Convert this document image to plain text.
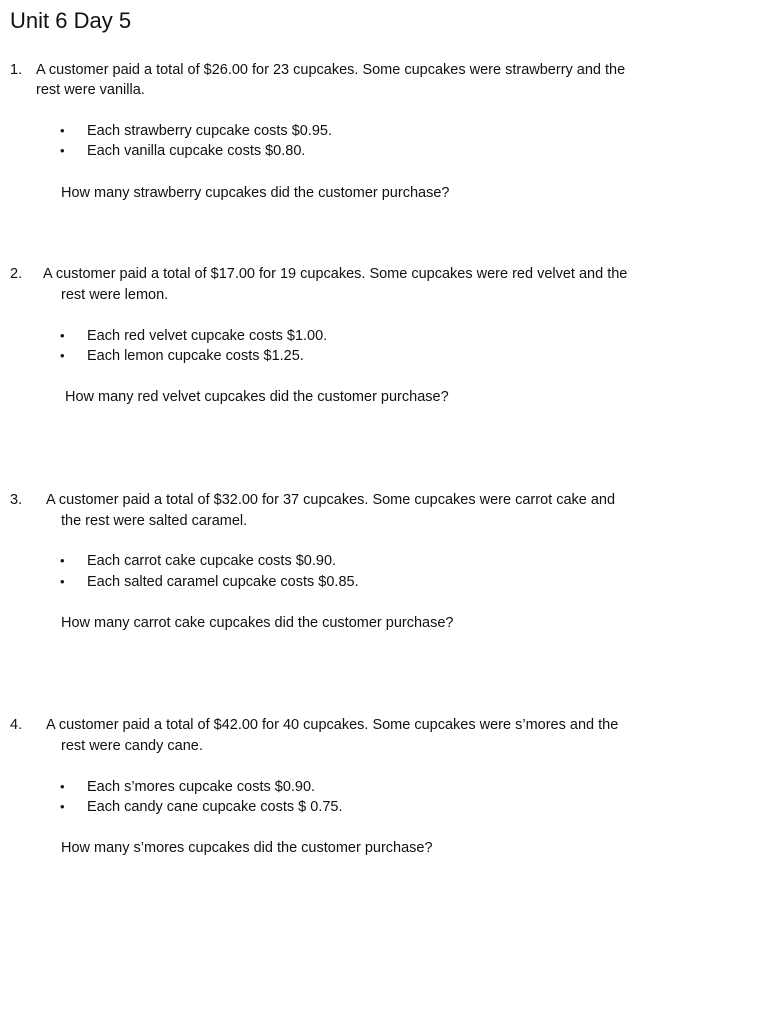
Unit 6 Day 5
1. A customer paid a total of $26.00 for 23 cupcakes. Some cupcakes were strawberry and the
rest were vanilla.
• Each strawberry cupcake costs $0.95.
• Each vanilla cupcake costs $0.80.
How many strawberry cupcakes did the customer purchase?
2. A customer paid a total of $17.00 for 19 cupcakes. Some cupcakes were red velvet and the
rest were lemon.
• Each red velvet cupcake costs $1.00.
• Each lemon cupcake costs $1.25.
How many red velvet cupcakes did the customer purchase?
3. A customer paid a total of $32.00 for 37 cupcakes. Some cupcakes were carrot cake and
the rest were salted caramel.
• Each carrot cake cupcake costs $0.90.
• Each salted caramel cupcake costs $0.85.
How many carrot cake cupcakes did the customer purchase?
4. A customer paid a total of $42.00 for 40 cupcakes. Some cupcakes were s’mores and the
rest were candy cane.
• Each s’mores cupcake costs $0.90.
• Each candy cane cupcake costs $ 0.75.
How many s’mores cupcakes did the customer purchase?
